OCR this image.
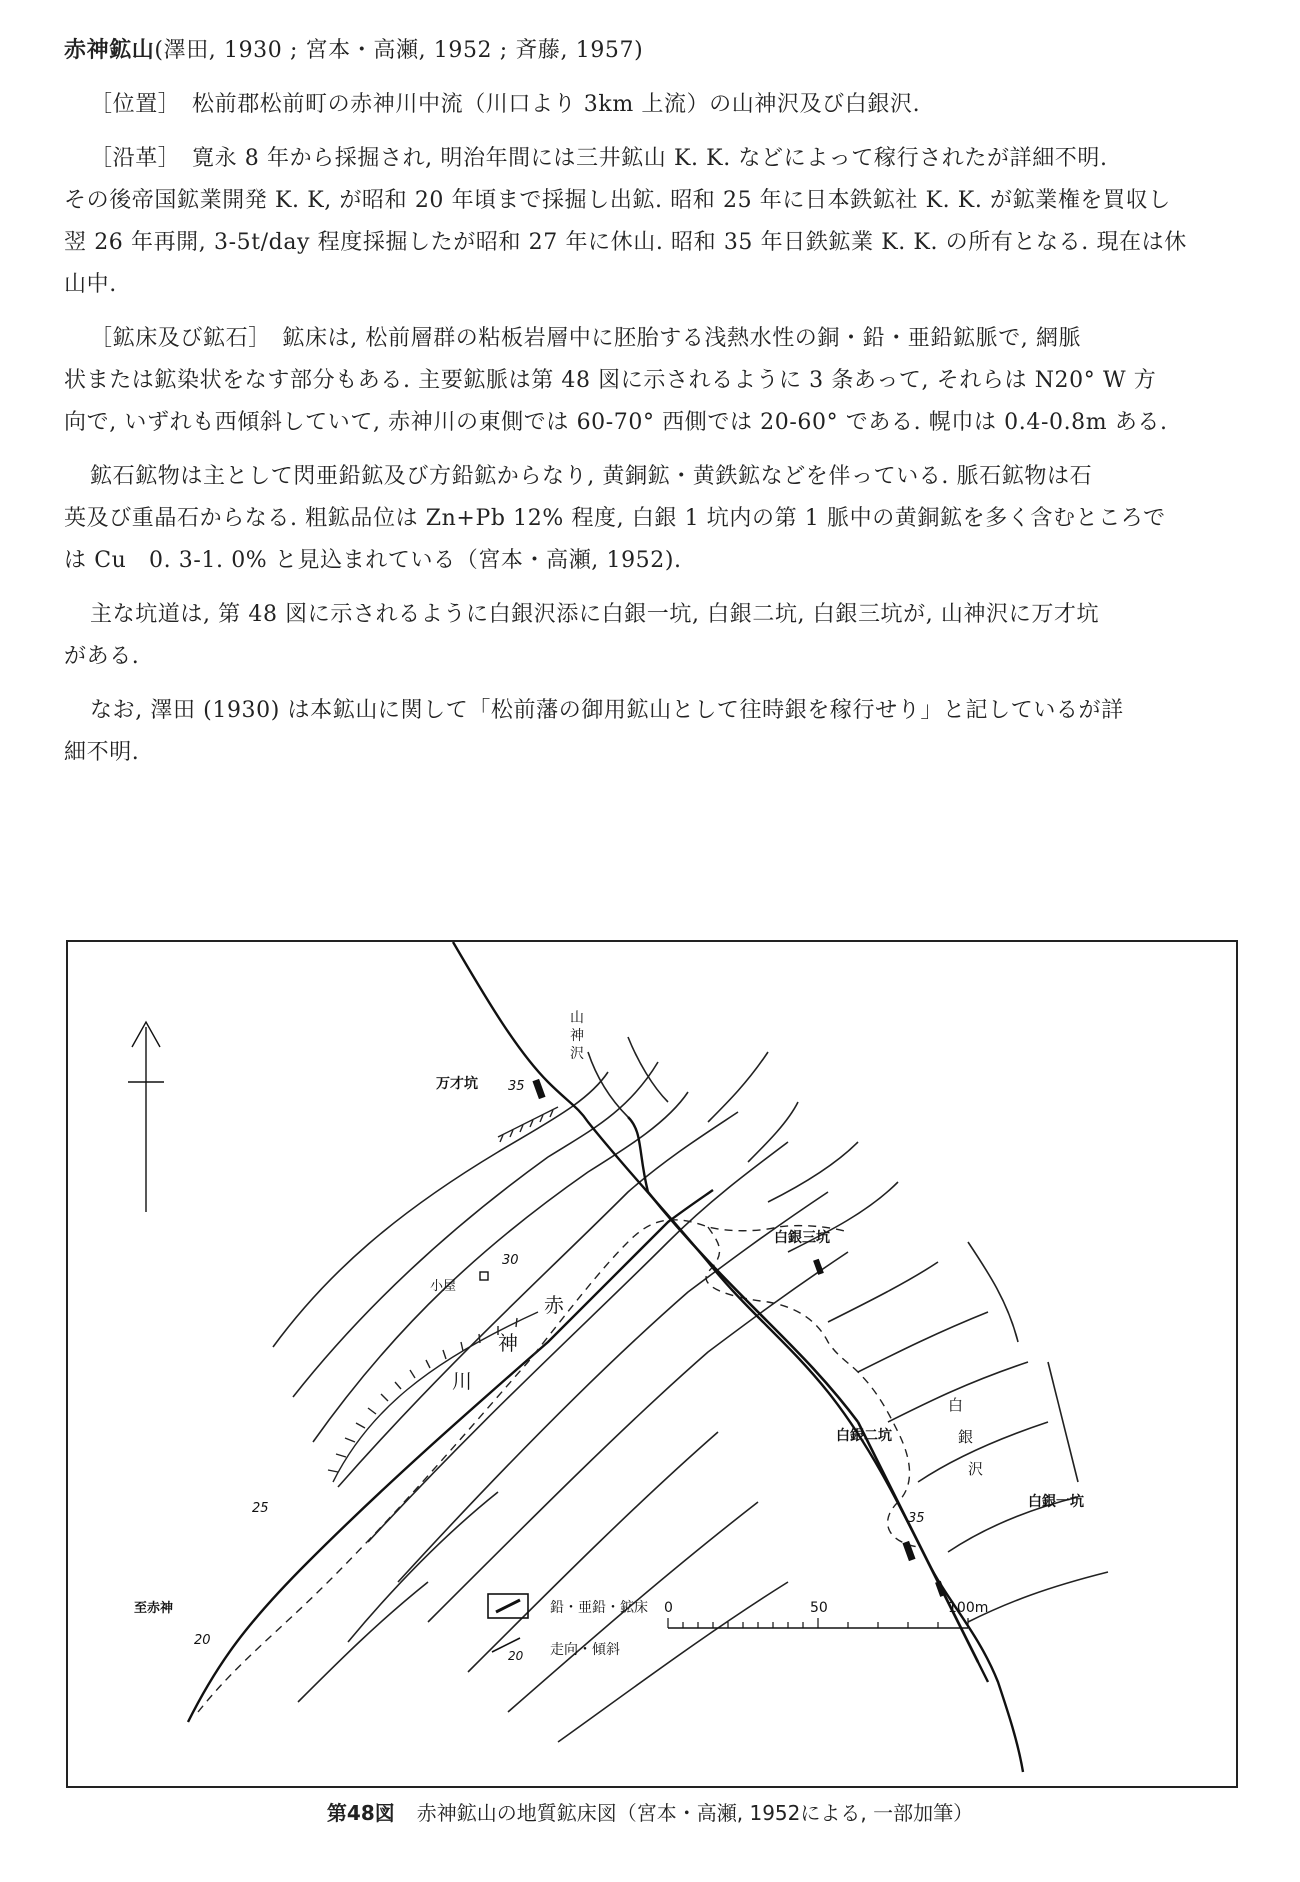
赤神鉱山(澤田, 1930 ; 宮本・高瀬, 1952 ; 斉藤, 1957)
［位置］　松前郡松前町の赤神川中流（川口より 3km 上流）の山神沢及び白銀沢.
［沿革］　寛永 8 年から採掘され, 明治年間には三井鉱山 K. K. などによって稼行されたが詳細不明.
その後帝国鉱業開発 K. K, が昭和 20 年頃まで採掘し出鉱. 昭和 25 年に日本鉄鉱社 K. K. が鉱業権を買収し
翌 26 年再開, 3-5t/day 程度採掘したが昭和 27 年に休山. 昭和 35 年日鉄鉱業 K. K. の所有となる. 現在は休
山中.
［鉱床及び鉱石］　鉱床は, 松前層群の粘板岩層中に胚胎する浅熱水性の銅・鉛・亜鉛鉱脈で, 網脈
状または鉱染状をなす部分もある. 主要鉱脈は第 48 図に示されるように 3 条あって, それらは N20° W 方
向で, いずれも西傾斜していて, 赤神川の東側では 60-70° 西側では 20-60° である. 幌巾は 0.4-0.8m ある.
鉱石鉱物は主として閃亜鉛鉱及び方鉛鉱からなり, 黄銅鉱・黄鉄鉱などを伴っている. 脈石鉱物は石
英及び重晶石からなる. 粗鉱品位は Zn+Pb 12% 程度, 白銀 1 坑内の第 1 脈中の黄銅鉱を多く含むところで
は Cu　0. 3-1. 0% と見込まれている（宮本・高瀬, 1952).
主な坑道は, 第 48 図に示されるように白銀沢添に白銀一坑, 白銀二坑, 白銀三坑が, 山神沢に万才坑
がある.
なお, 澤田 (1930) は本鉱山に関して「松前藩の御用鉱山として往時銀を稼行せり」と記しているが詳
細不明.
山
神
沢
万才坑 35
白銀三坑
小屋
30
赤
神
川
白
銀
沢
白銀二坑
白銀一坑
35
25
至赤神
20
鉛・亜鉛・鉱床
20 走向・傾斜
0	50	100m
第48図 赤神鉱山の地質鉱床図（宮本・高瀬, 1952による, 一部加筆）
